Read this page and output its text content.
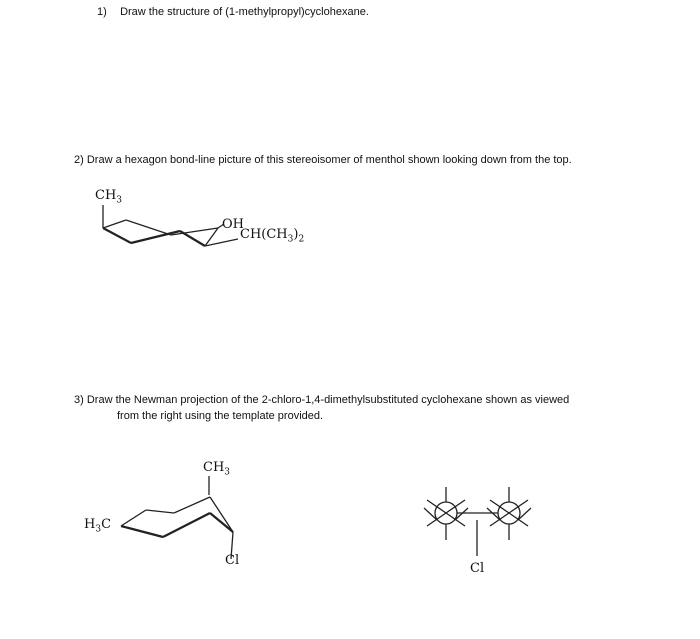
1) Draw the structure of (1-methylpropyl)cyclohexane.
2) Draw a hexagon bond-line picture of this stereoisomer of menthol shown looking down from the top.
3) Draw the Newman projection of the 2-chloro-1,4-dimethylsubstituted cyclohexane shown as viewed
from the right using the template provided.
$CH_3$
OH
$CH(CH_3)_2$
$CH_3$
$H_3C$
Cl
Cl
